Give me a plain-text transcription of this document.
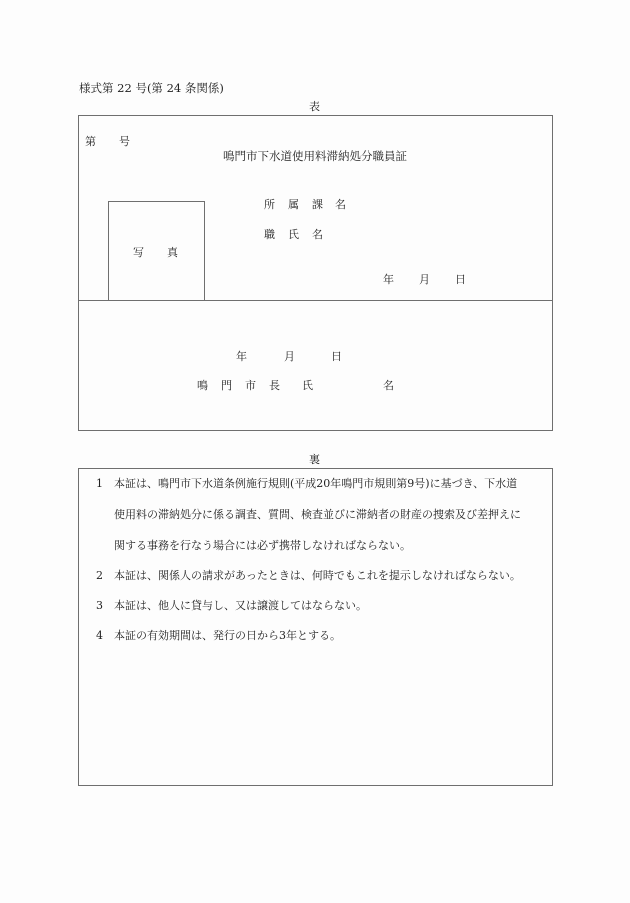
様式第 22 号(第 24 条関係)
表
第 号
鳴門市下水道使用料滞納処分職員証
写 真
所 属 課 名
職 氏 名
年 月 日
年	月	日
鳴 門 市 長 氏	名
裏
1 本証は、鳴門市下水道条例施行規則(平成20年鳴門市規則第9号)に基づき、下水道
使用料の滞納処分に係る調査、質問、検査並びに滞納者の財産の捜索及び差押えに
関する事務を行なう場合には必ず携帯しなければならない。
2 本証は、関係人の請求があったときは、何時でもこれを提示しなければならない。
3 本証は、他人に貸与し、又は譲渡してはならない。
4 本証の有効期間は、発行の日から3年とする。
